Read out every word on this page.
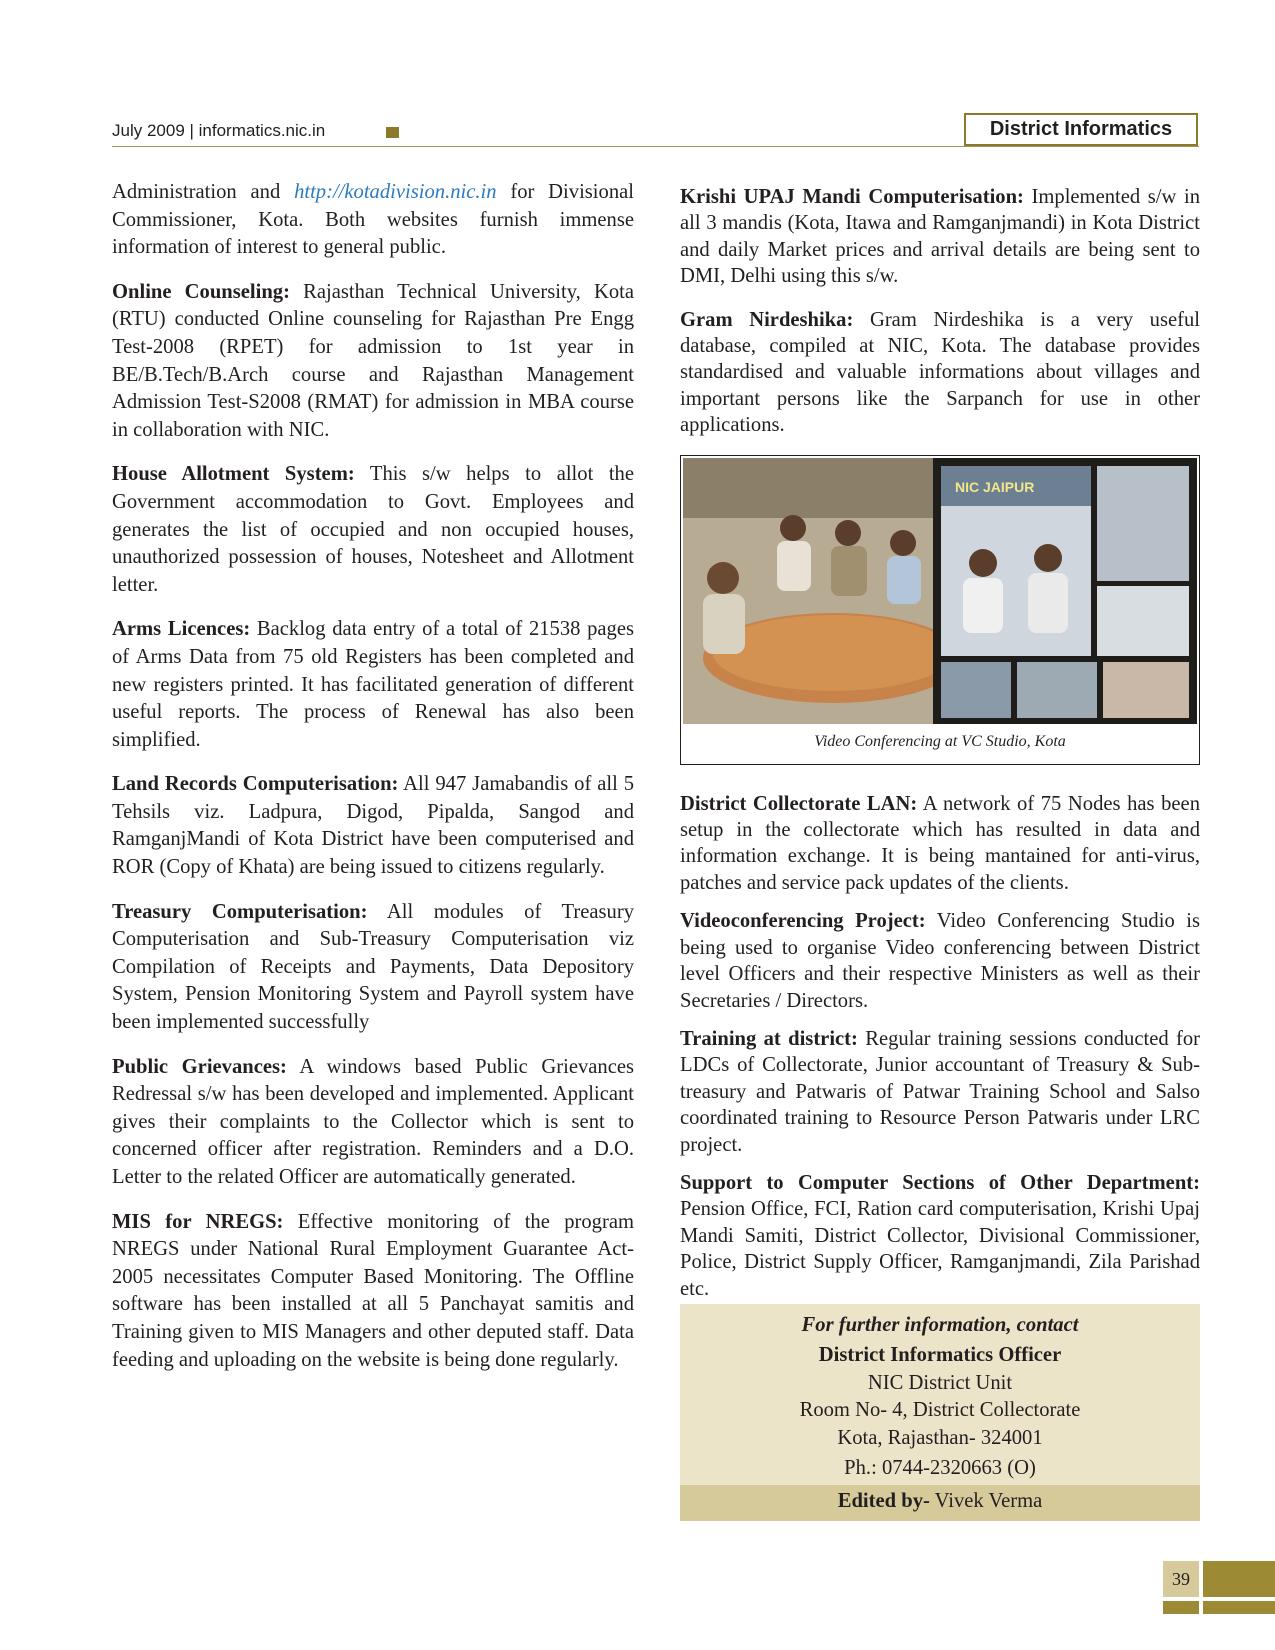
July 2009 | informatics.nic.in	District Informatics

Administration and http://kotadivision.nic.in for Divisional Commissioner, Kota. Both websites furnish immense information of interest to general public.

Online Counseling: Rajasthan Technical University, Kota (RTU) conducted Online counseling for Rajasthan Pre Engg Test-2008 (RPET) for admission to 1st year in BE/B.Tech/B.Arch course and Rajasthan Management Admission Test-S2008 (RMAT) for admission in MBA course in collaboration with NIC.

House Allotment System: This s/w helps to allot the Government accommodation to Govt. Employees and generates the list of occupied and non occupied houses, unauthorized possession of houses, Notesheet and Allotment letter.

Arms Licences: Backlog data entry of a total of 21538 pages of Arms Data from 75 old Registers has been completed and new registers printed. It has facilitated generation of different useful reports. The process of Renewal has also been simplified.

Land Records Computerisation: All 947 Jamabandis of all 5 Tehsils viz. Ladpura, Digod, Pipalda, Sangod and RamganjMandi of Kota District have been computerised and ROR (Copy of Khata) are being issued to citizens regularly.

Treasury Computerisation: All modules of Treasury Computerisation and Sub-Treasury Computerisation viz Compilation of Receipts and Payments, Data Depository System, Pension Monitoring System and Payroll system have been implemented successfully

Public Grievances: A windows based Public Grievances Redressal s/w has been developed and implemented. Applicant gives their complaints to the Collector which is sent to concerned officer after registration. Reminders and a D.O. Letter to the related Officer are automatically generated.

MIS for NREGS: Effective monitoring of the program NREGS under National Rural Employment Guarantee Act-2005 necessitates Computer Based Monitoring. The Offline software has been installed at all 5 Panchayat samitis and Training given to MIS Managers and other deputed staff. Data feeding and uploading on the website is being done regularly.

Krishi UPAJ Mandi Computerisation: Implemented s/w in all 3 mandis (Kota, Itawa and Ramganjmandi) in Kota District and daily Market prices and arrival details are being sent to DMI, Delhi using this s/w.

Gram Nirdeshika: Gram Nirdeshika is a very useful database, compiled at NIC, Kota. The database provides standardised and valuable informations about villages and important persons like the Sarpanch for use in other applications.

NIC JAIPUR
Video Conferencing at VC Studio, Kota

District Collectorate LAN: A network of 75 Nodes has been setup in the collectorate which has resulted in data and information exchange. It is being mantained for anti-virus, patches and service pack updates of the clients.

Videoconferencing Project: Video Conferencing Studio is being used to organise Video conferencing between District level Officers and their respective Ministers as well as their Secretaries / Directors.

Training at district: Regular training sessions conducted for LDCs of Collectorate, Junior accountant of Treasury & Sub-treasury and Patwaris of Patwar Training School and Salso coordinated training to Resource Person Patwaris under LRC project.

Support to Computer Sections of Other Department: Pension Office, FCI, Ration card computerisation, Krishi Upaj Mandi Samiti, District Collector, Divisional Commissioner, Police, District Supply Officer, Ramganjmandi, Zila Parishad etc.

For further information, contact
District Informatics Officer
NIC District Unit
Room No- 4, District Collectorate
Kota, Rajasthan- 324001
Ph.: 0744-2320663 (O)
Edited by- Vivek Verma
39
